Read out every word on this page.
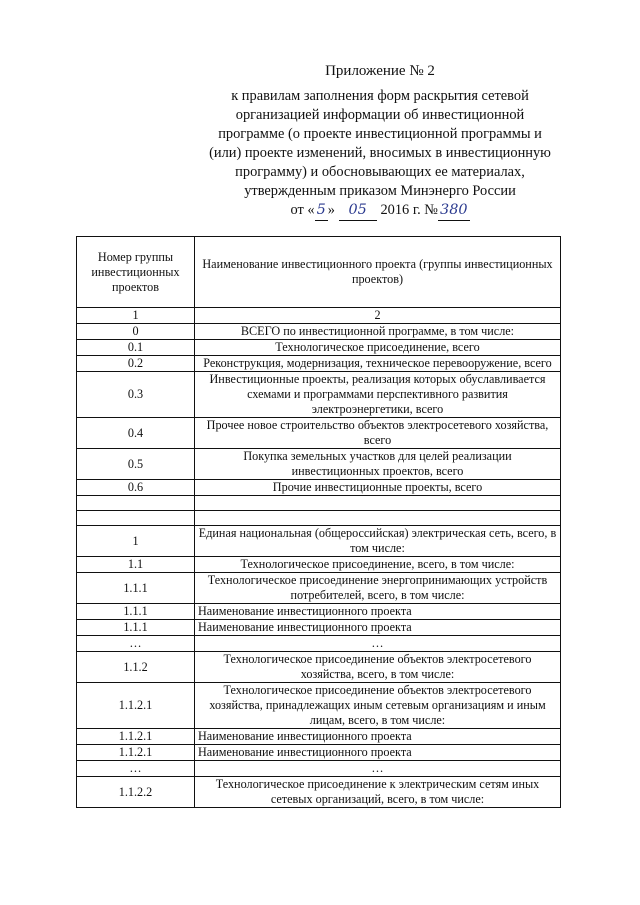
Приложение № 2
к правилам заполнения форм раскрытия сетевой
организацией информации об инвестиционной
программе (о проекте инвестиционной программы и
(или) проекте изменений, вносимых в инвестиционную
программу) и обосновывающих ее материалах,
утвержденным приказом Минэнерго России
от « 5 » 05 2016 г. № 380
Номер группы инвестиционных проектов	Наименование инвестиционного проекта (группы инвестиционных проектов)
1	2
0	ВСЕГО по инвестиционной программе, в том числе:
0.1	Технологическое присоединение, всего
0.2	Реконструкция, модернизация, техническое перевооружение, всего
0.3	Инвестиционные проекты, реализация которых обуславливается схемами и программами перспективного развития электроэнергетики, всего
0.4	Прочее новое строительство объектов электросетевого хозяйства, всего
0.5	Покупка земельных участков для целей реализации инвестиционных проектов, всего
0.6	Прочие инвестиционные проекты, всего

1	Единая национальная (общероссийская) электрическая сеть, всего, в том числе:
1.1	Технологическое присоединение, всего, в том числе:
1.1.1	Технологическое присоединение энергопринимающих устройств потребителей, всего, в том числе:
1.1.1	Наименование инвестиционного проекта
1.1.1	Наименование инвестиционного проекта
…	…
1.1.2	Технологическое присоединение объектов электросетевого хозяйства, всего, в том числе:
1.1.2.1	Технологическое присоединение объектов электросетевого хозяйства, принадлежащих иным сетевым организациям и иным лицам, всего, в том числе:
1.1.2.1	Наименование инвестиционного проекта
1.1.2.1	Наименование инвестиционного проекта
…	…
1.1.2.2	Технологическое присоединение к электрическим сетям иных сетевых организаций, всего, в том числе:
